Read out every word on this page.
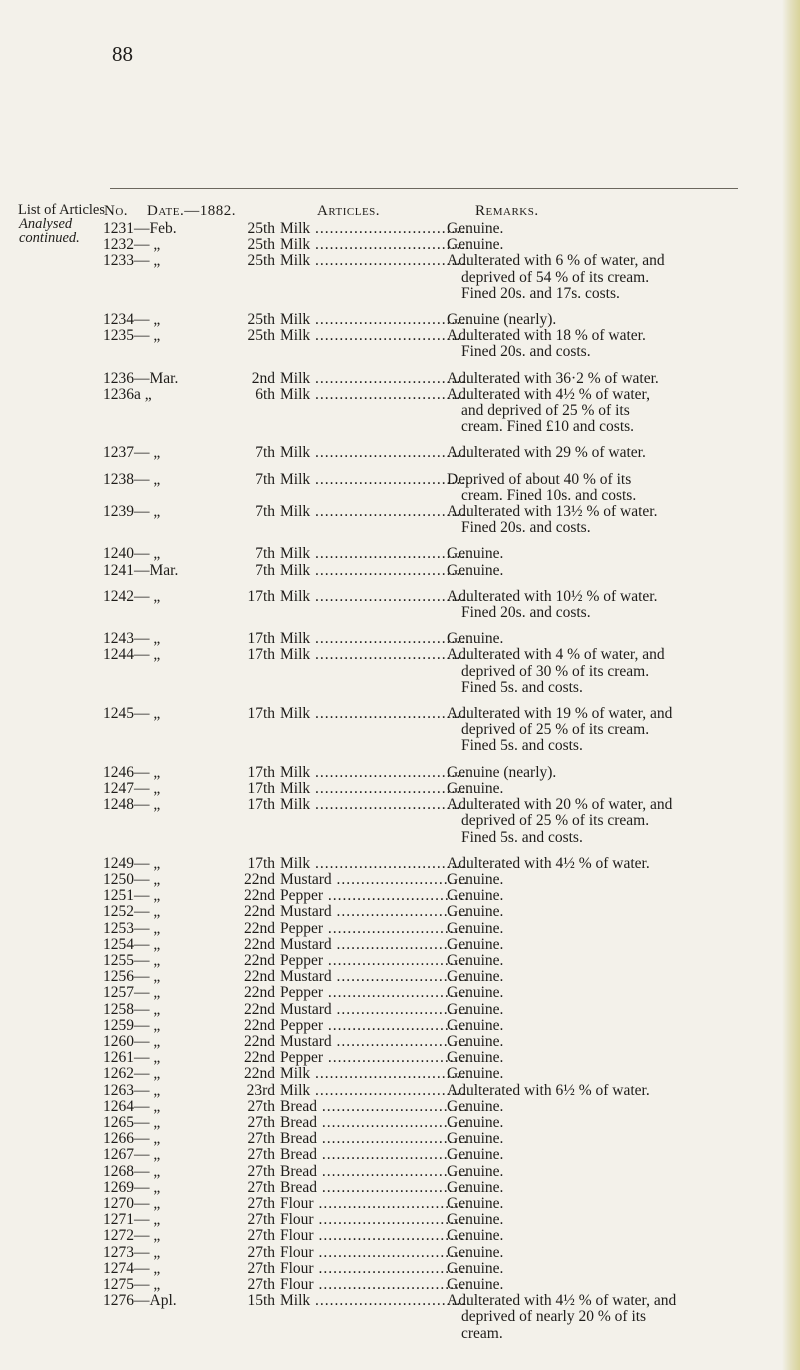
88
List of Articles
Analysed
continued.
No. Date.—1882.	Articles.	Remarks.
1231—Feb.	25th Milk .....	Genuine.
1232— „	25th Milk .....	Genuine.
1233— „	25th Milk .....	Adulterated with 6 % of water, and
deprived of 54 % of its cream.
Fined 20s. and 17s. costs.
1234— „	25th Milk .....	Genuine (nearly).
1235— „	25th Milk .....	Adulterated with 18 % of water.
Fined 20s. and costs.
1236—Mar.	2nd Milk .....	Adulterated with 36·2 % of water.
1236a „	6th Milk .....	Adulterated with 4½ % of water,
and deprived of 25 % of its
cream. Fined £10 and costs.
1237— „	7th Milk .....	Adulterated with 29 % of water.
1238— „	7th Milk .....	Deprived of about 40 % of its
cream. Fined 10s. and costs.
1239— „	7th Milk .....	Adulterated with 13½ % of water.
Fined 20s. and costs.
1240— „	7th Milk .....	Genuine.
1241—Mar.	7th Milk .....	Genuine.
1242— „	17th Milk .....	Adulterated with 10½ % of water.
Fined 20s. and costs.
1243— „	17th Milk .....	Genuine.
1244— „	17th Milk .....	Adulterated with 4 % of water, and
deprived of 30 % of its cream.
Fined 5s. and costs.
1245— „	17th Milk .....	Adulterated with 19 % of water, and
deprived of 25 % of its cream.
Fined 5s. and costs.
1246— „	17th Milk .....	Genuine (nearly).
1247— „	17th Milk .....	Genuine.
1248— „	17th Milk .....	Adulterated with 20 % of water, and
deprived of 25 % of its cream.
Fined 5s. and costs.
1249— „	17th Milk .....	Adulterated with 4½ % of water.
1250— „	22nd Mustard .....	Genuine.
1251— „	22nd Pepper .....	Genuine.
1252— „	22nd Mustard .....	Genuine.
1253— „	22nd Pepper .....	Genuine.
1254— „	22nd Mustard .....	Genuine.
1255— „	22nd Pepper .....	Genuine.
1256— „	22nd Mustard .....	Genuine.
1257— „	22nd Pepper .....	Genuine.
1258— „	22nd Mustard .....	Genuine.
1259— „	22nd Pepper .....	Genuine.
1260— „	22nd Mustard .....	Genuine.
1261— „	22nd Pepper .....	Genuine.
1262— „	22nd Milk .....	Genuine.
1263— „	23rd Milk .....	Adulterated with 6½ % of water.
1264— „	27th Bread .....	Genuine.
1265— „	27th Bread .....	Genuine.
1266— „	27th Bread .....	Genuine.
1267— „	27th Bread .....	Genuine.
1268— „	27th Bread .....	Genuine.
1269— „	27th Bread .....	Genuine.
1270— „	27th Flour .....	Genuine.
1271— „	27th Flour .....	Genuine.
1272— „	27th Flour .....	Genuine.
1273— „	27th Flour .....	Genuine.
1274— „	27th Flour .....	Genuine.
1275— „	27th Flour .....	Genuine.
1276—Apl.	15th Milk .....	Adulterated with 4½ % of water, and
deprived of nearly 20 % of its
cream.
